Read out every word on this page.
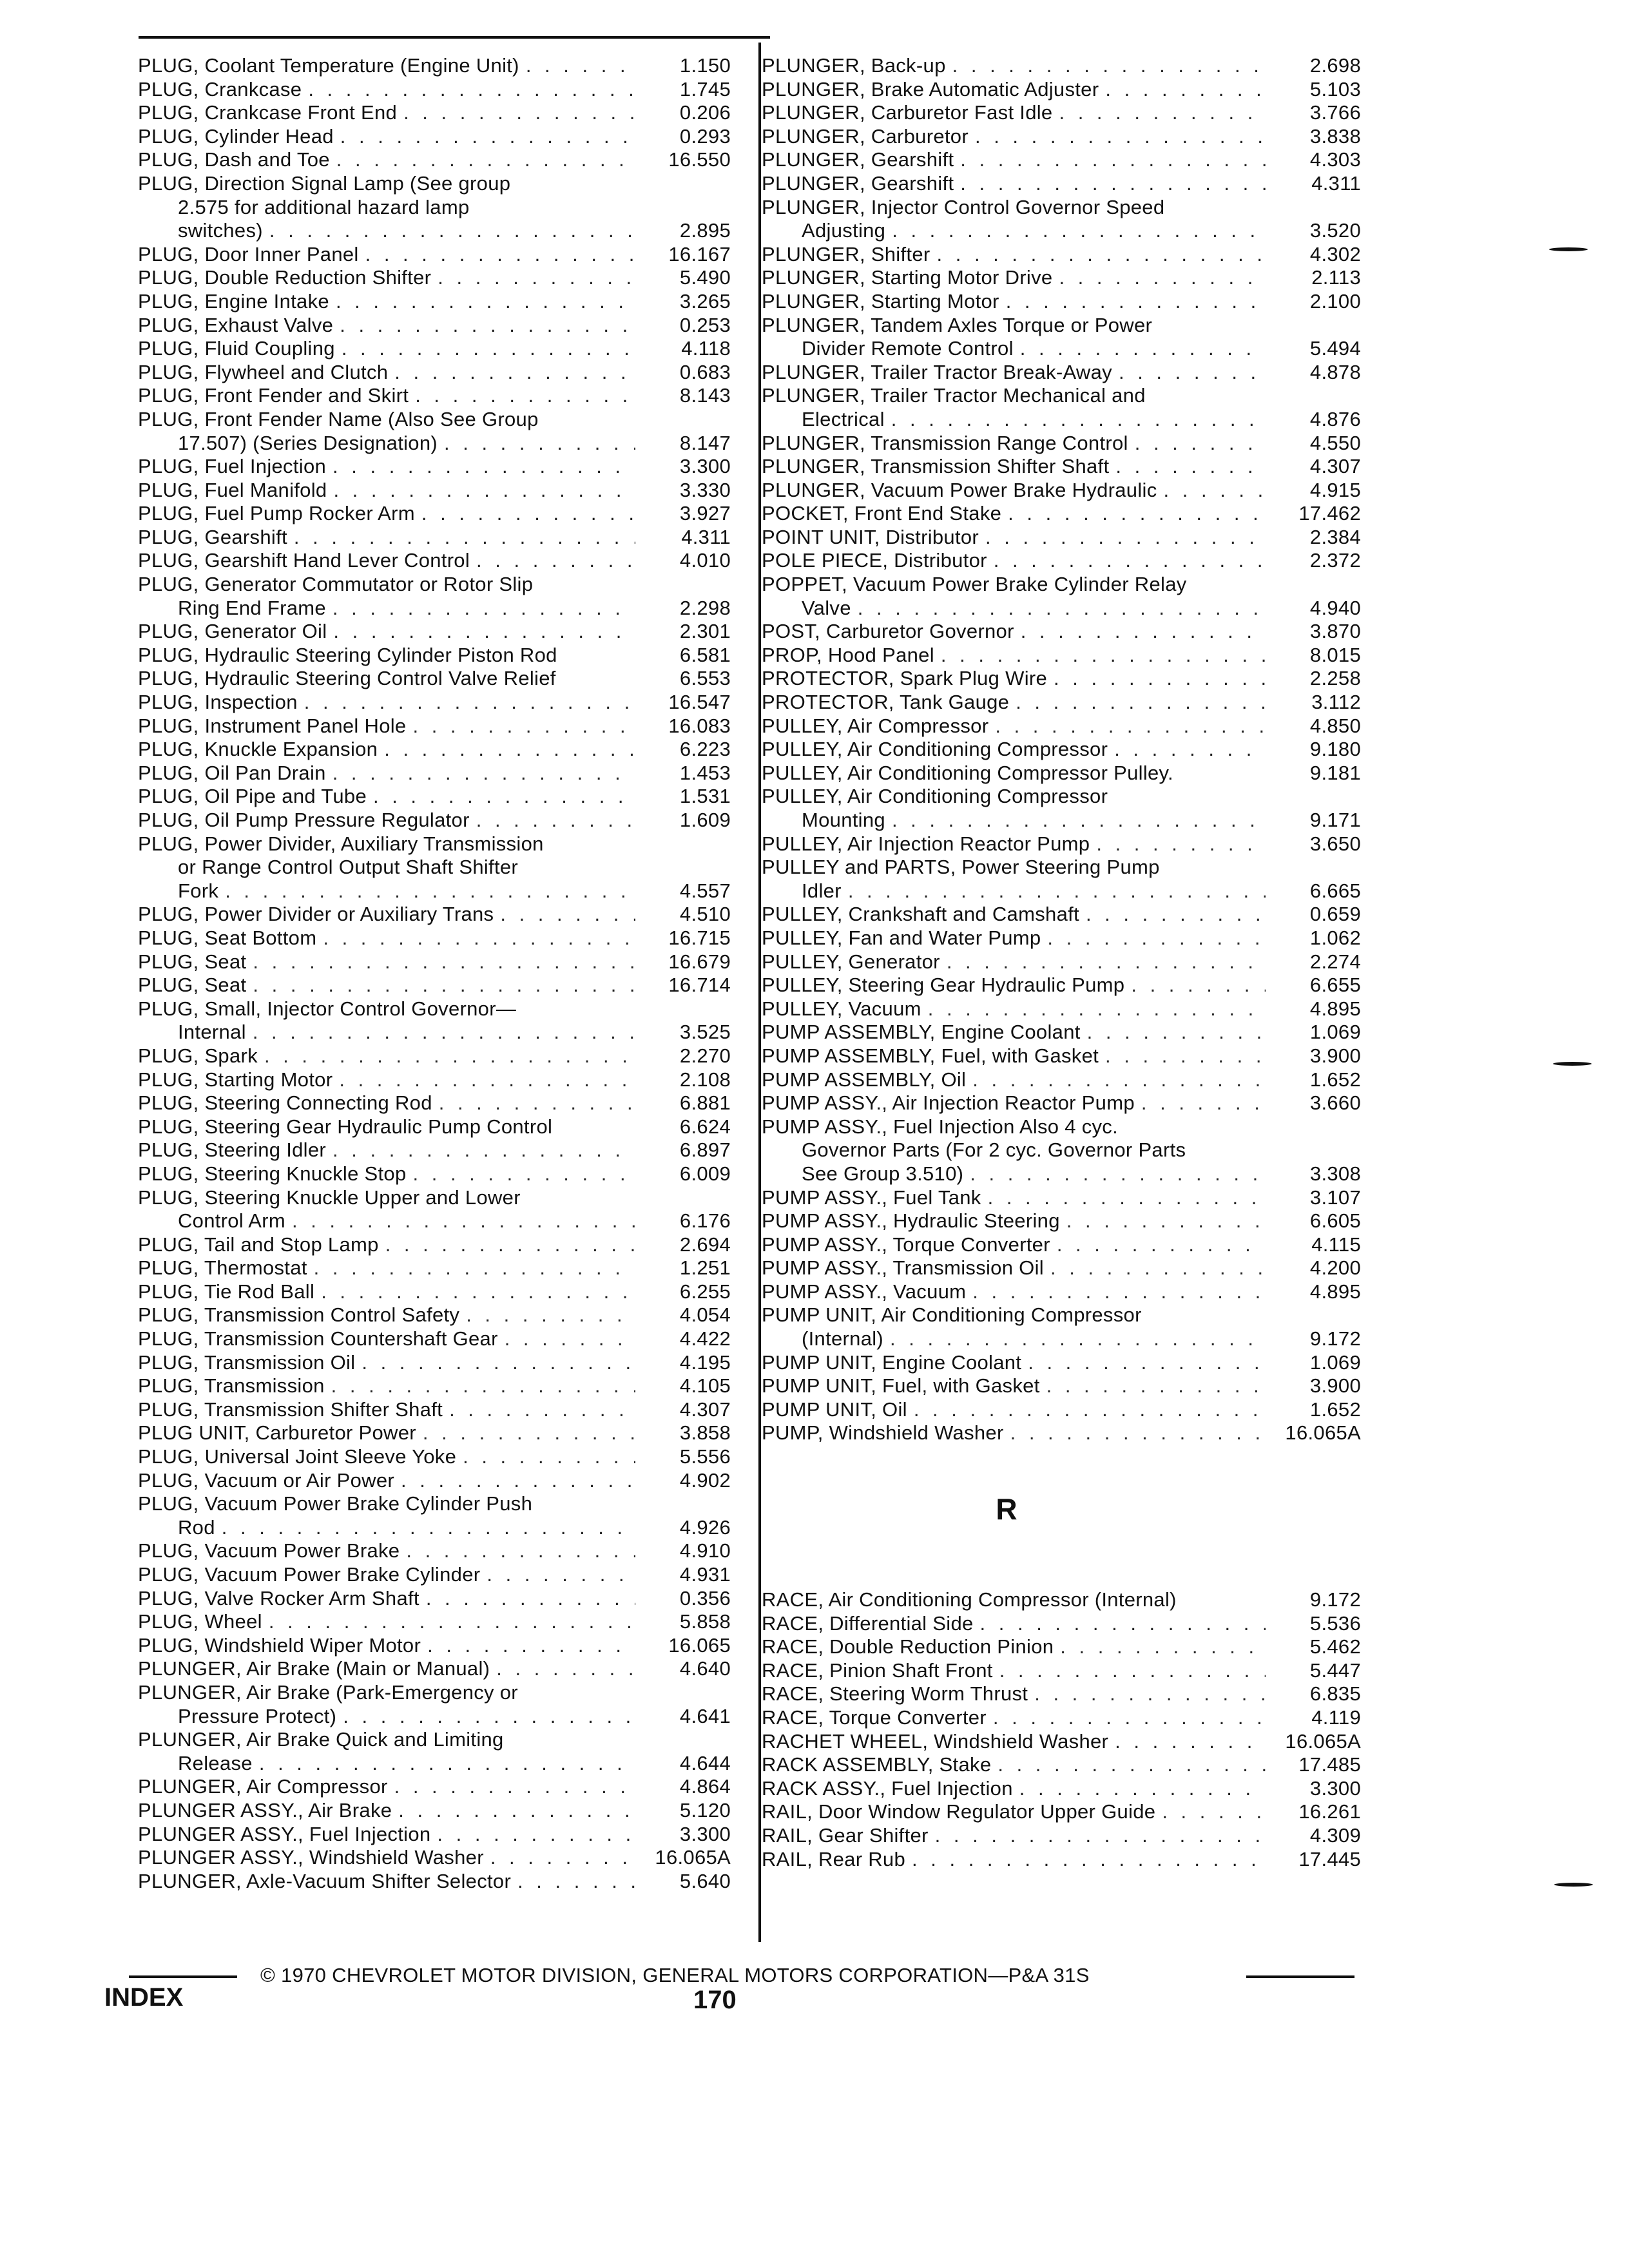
PLUG, Coolant Temperature (Engine Unit) . . .	1.150
PLUG, Crankcase . . .	1.745
PLUG, Crankcase Front End . . .	0.206
PLUG, Cylinder Head . . .	0.293
PLUG, Dash and Toe . . .	16.550
PLUG, Direction Signal Lamp (See group
2.575 for additional hazard lamp
switches) . . .	2.895
PLUG, Door Inner Panel . . .	16.167
PLUG, Double Reduction Shifter . . .	5.490
PLUG, Engine Intake . . .	3.265
PLUG, Exhaust Valve . . .	0.253
PLUG, Fluid Coupling . . .	4.118
PLUG, Flywheel and Clutch . . .	0.683
PLUG, Front Fender and Skirt . . .	8.143
PLUG, Front Fender Name (Also See Group
17.507) (Series Designation) . . .	8.147
PLUG, Fuel Injection . . .	3.300
PLUG, Fuel Manifold . . .	3.330
PLUG, Fuel Pump Rocker Arm . . .	3.927
PLUG, Gearshift . . .	4.311
PLUG, Gearshift Hand Lever Control . . .	4.010
PLUG, Generator Commutator or Rotor Slip
Ring End Frame . . .	2.298
PLUG, Generator Oil . . .	2.301
PLUG, Hydraulic Steering Cylinder Piston Rod	6.581
PLUG, Hydraulic Steering Control Valve Relief	6.553
PLUG, Inspection . . .	16.547
PLUG, Instrument Panel Hole . . .	16.083
PLUG, Knuckle Expansion . . .	6.223
PLUG, Oil Pan Drain . . .	1.453
PLUG, Oil Pipe and Tube . . .	1.531
PLUG, Oil Pump Pressure Regulator . . .	1.609
PLUG, Power Divider, Auxiliary Transmission
or Range Control Output Shaft Shifter
Fork . . .	4.557
PLUG, Power Divider or Auxiliary Trans . . .	4.510
PLUG, Seat Bottom . . .	16.715
PLUG, Seat . . .	16.679
PLUG, Seat . . .	16.714
PLUG, Small, Injector Control Governor—
Internal . . .	3.525
PLUG, Spark . . .	2.270
PLUG, Starting Motor . . .	2.108
PLUG, Steering Connecting Rod . . .	6.881
PLUG, Steering Gear Hydraulic Pump Control	6.624
PLUG, Steering Idler . . .	6.897
PLUG, Steering Knuckle Stop . . .	6.009
PLUG, Steering Knuckle Upper and Lower
Control Arm . . .	6.176
PLUG, Tail and Stop Lamp . . .	2.694
PLUG, Thermostat . . .	1.251
PLUG, Tie Rod Ball . . .	6.255
PLUG, Transmission Control Safety . . .	4.054
PLUG, Transmission Countershaft Gear . . .	4.422
PLUG, Transmission Oil . . .	4.195
PLUG, Transmission . . .	4.105
PLUG, Transmission Shifter Shaft . . .	4.307
PLUG UNIT, Carburetor Power . . .	3.858
PLUG, Universal Joint Sleeve Yoke . . .	5.556
PLUG, Vacuum or Air Power . . .	4.902
PLUG, Vacuum Power Brake Cylinder Push
Rod . . .	4.926
PLUG, Vacuum Power Brake . . .	4.910
PLUG, Vacuum Power Brake Cylinder . . .	4.931
PLUG, Valve Rocker Arm Shaft . . .	0.356
PLUG, Wheel . . .	5.858
PLUG, Windshield Wiper Motor . . .	16.065
PLUNGER, Air Brake (Main or Manual) . . .	4.640
PLUNGER, Air Brake (Park-Emergency or
Pressure Protect) . . .	4.641
PLUNGER, Air Brake Quick and Limiting
Release . . .	4.644
PLUNGER, Air Compressor . . .	4.864
PLUNGER ASSY., Air Brake . . .	5.120
PLUNGER ASSY., Fuel Injection . . .	3.300
PLUNGER ASSY., Windshield Washer . . .	16.065A
PLUNGER, Axle-Vacuum Shifter Selector . . .	5.640
PLUNGER, Back-up . . .	2.698
PLUNGER, Brake Automatic Adjuster . . .	5.103
PLUNGER, Carburetor Fast Idle . . .	3.766
PLUNGER, Carburetor . . .	3.838
PLUNGER, Gearshift . . .	4.303
PLUNGER, Gearshift . . .	4.311
PLUNGER, Injector Control Governor Speed
Adjusting . . .	3.520
PLUNGER, Shifter . . .	4.302
PLUNGER, Starting Motor Drive . . .	2.113
PLUNGER, Starting Motor . . .	2.100
PLUNGER, Tandem Axles Torque or Power
Divider Remote Control . . .	5.494
PLUNGER, Trailer Tractor Break-Away . . .	4.878
PLUNGER, Trailer Tractor Mechanical and
Electrical . . .	4.876
PLUNGER, Transmission Range Control . . .	4.550
PLUNGER, Transmission Shifter Shaft . . .	4.307
PLUNGER, Vacuum Power Brake Hydraulic . . .	4.915
POCKET, Front End Stake . . .	17.462
POINT UNIT, Distributor . . .	2.384
POLE PIECE, Distributor . . .	2.372
POPPET, Vacuum Power Brake Cylinder Relay
Valve . . .	4.940
POST, Carburetor Governor . . .	3.870
PROP, Hood Panel . . .	8.015
PROTECTOR, Spark Plug Wire . . .	2.258
PROTECTOR, Tank Gauge . . .	3.112
PULLEY, Air Compressor . . .	4.850
PULLEY, Air Conditioning Compressor . . .	9.180
PULLEY, Air Conditioning Compressor Pulley.	9.181
PULLEY, Air Conditioning Compressor
Mounting . . .	9.171
PULLEY, Air Injection Reactor Pump . . .	3.650
PULLEY and PARTS, Power Steering Pump
Idler . . .	6.665
PULLEY, Crankshaft and Camshaft . . .	0.659
PULLEY, Fan and Water Pump . . .	1.062
PULLEY, Generator . . .	2.274
PULLEY, Steering Gear Hydraulic Pump . . .	6.655
PULLEY, Vacuum . . .	4.895
PUMP ASSEMBLY, Engine Coolant . . .	1.069
PUMP ASSEMBLY, Fuel, with Gasket . . .	3.900
PUMP ASSEMBLY, Oil . . .	1.652
PUMP ASSY., Air Injection Reactor Pump . . .	3.660
PUMP ASSY., Fuel Injection Also 4 cyc.
Governor Parts (For 2 cyc. Governor Parts
See Group 3.510) . . .	3.308
PUMP ASSY., Fuel Tank . . .	3.107
PUMP ASSY., Hydraulic Steering . . .	6.605
PUMP ASSY., Torque Converter . . .	4.115
PUMP ASSY., Transmission Oil . . .	4.200
PUMP ASSY., Vacuum . . .	4.895
PUMP UNIT, Air Conditioning Compressor
(Internal) . . .	9.172
PUMP UNIT, Engine Coolant . . .	1.069
PUMP UNIT, Fuel, with Gasket . . .	3.900
PUMP UNIT, Oil . . .	1.652
PUMP, Windshield Washer . . .	16.065A
R
RACE, Air Conditioning Compressor (Internal)	9.172
RACE, Differential Side . . .	5.536
RACE, Double Reduction Pinion . . .	5.462
RACE, Pinion Shaft Front . . .	5.447
RACE, Steering Worm Thrust . . .	6.835
RACE, Torque Converter . . .	4.119
RACHET WHEEL, Windshield Washer . . .	16.065A
RACK ASSEMBLY, Stake . . .	17.485
RACK ASSY., Fuel Injection . . .	3.300
RAIL, Door Window Regulator Upper Guide . . .	16.261
RAIL, Gear Shifter . . .	4.309
RAIL, Rear Rub . . .	17.445
INDEX
© 1970 CHEVROLET MOTOR DIVISION, GENERAL MOTORS CORPORATION—P&A 31S
170
